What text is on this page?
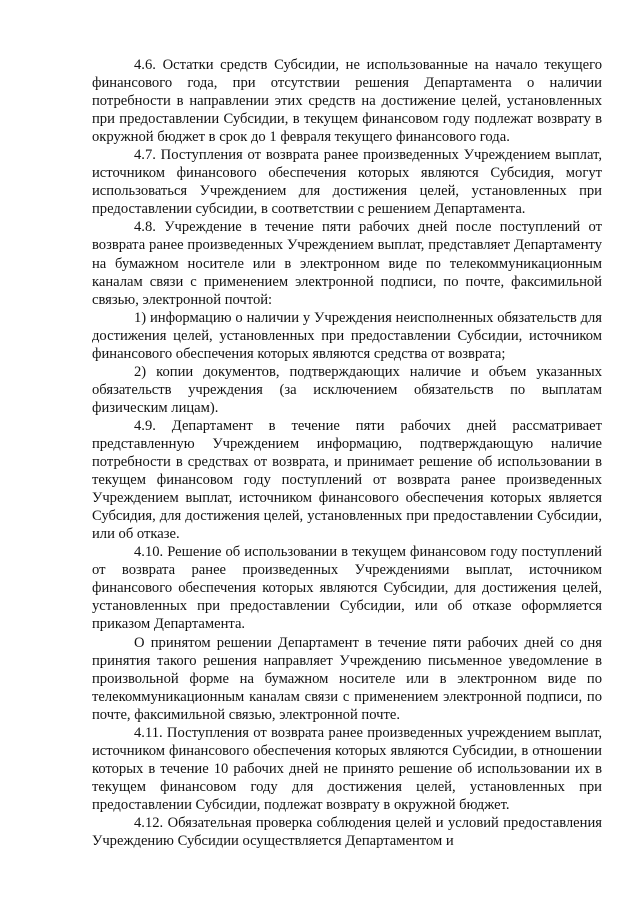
4.6. Остатки средств Субсидии, не использованные на начало текущего финансового года, при отсутствии решения Департамента о наличии потребности в направлении этих средств на достижение целей, установленных при предоставлении Субсидии, в текущем финансовом году подлежат возврату в окружной бюджет в срок до 1 февраля текущего финансового года.

4.7. Поступления от возврата ранее произведенных Учреждением выплат, источником финансового обеспечения которых являются Субсидия, могут использоваться Учреждением для достижения целей, установленных при предоставлении субсидии, в соответствии с решением Департамента.

4.8. Учреждение в течение пяти рабочих дней после поступлений от возврата ранее произведенных Учреждением выплат, представляет Департаменту на бумажном носителе или в электронном виде по телекоммуникационным каналам связи с применением электронной подписи, по почте, факсимильной связью, электронной почтой:

1) информацию о наличии у Учреждения неисполненных обязательств для достижения целей, установленных при предоставлении Субсидии, источником финансового обеспечения которых являются средства от возврата;

2) копии документов, подтверждающих наличие и объем указанных обязательств учреждения (за исключением обязательств по выплатам физическим лицам).

4.9. Департамент в течение пяти рабочих дней рассматривает представленную Учреждением информацию, подтверждающую наличие потребности в средствах от возврата, и принимает решение об использовании в текущем финансовом году поступлений от возврата ранее произведенных Учреждением выплат, источником финансового обеспечения которых является Субсидия, для достижения целей, установленных при предоставлении Субсидии, или об отказе.

4.10. Решение об использовании в текущем финансовом году поступлений от возврата ранее произведенных Учреждениями выплат, источником финансового обеспечения которых являются Субсидии, для достижения целей, установленных при предоставлении Субсидии, или об отказе оформляется приказом Департамента.

О принятом решении Департамент в течение пяти рабочих дней со дня принятия такого решения направляет Учреждению письменное уведомление в произвольной форме на бумажном носителе или в электронном виде по телекоммуникационным каналам связи с применением электронной подписи, по почте, факсимильной связью, электронной почте.

4.11. Поступления от возврата ранее произведенных учреждением выплат, источником финансового обеспечения которых являются Субсидии, в отношении которых в течение 10 рабочих дней не принято решение об использовании их в текущем финансовом году для достижения целей, установленных при предоставлении Субсидии, подлежат возврату в окружной бюджет.

4.12. Обязательная проверка соблюдения целей и условий предоставления Учреждению Субсидии осуществляется Департаментом и
